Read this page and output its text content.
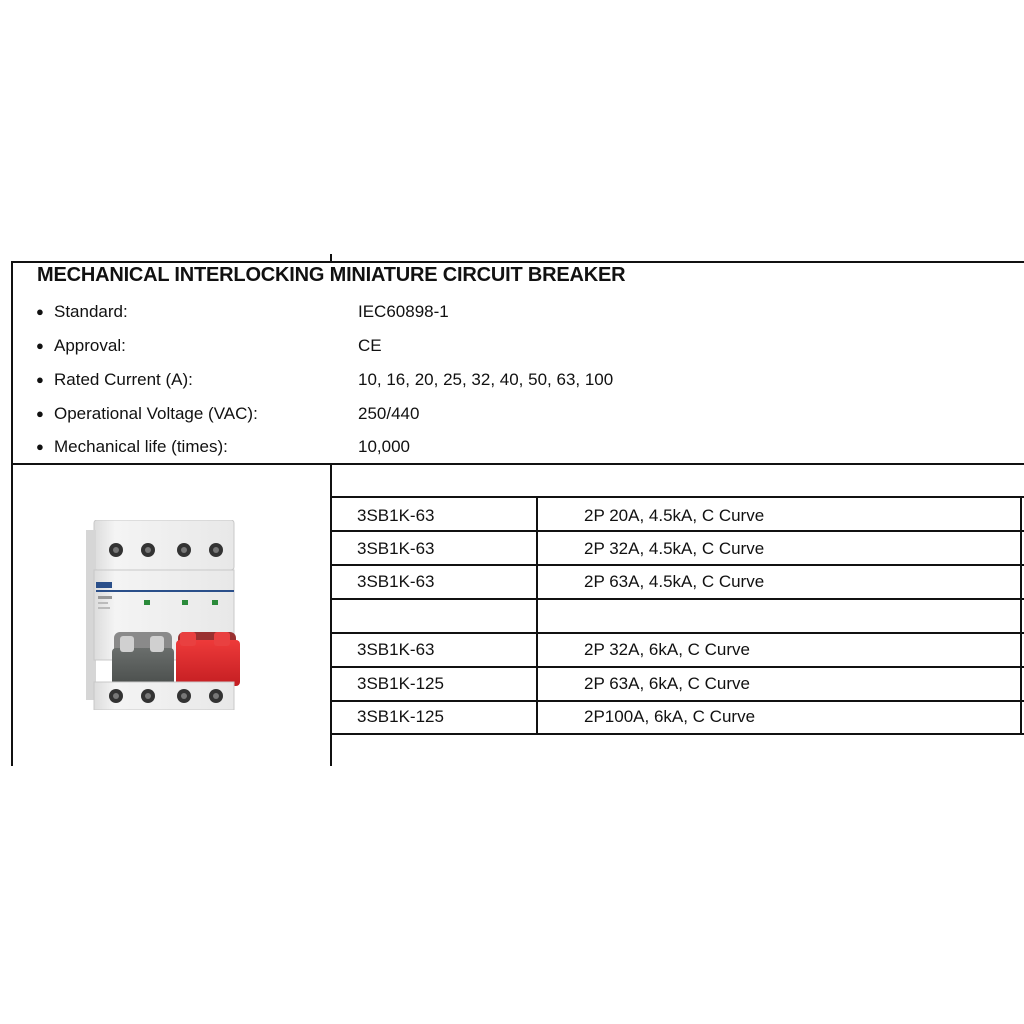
MECHANICAL INTERLOCKING MINIATURE CIRCUIT BREAKER
● Standard:	IEC60898-1
● Approval:	CE
● Rated Current (A):	10, 16, 20, 25, 32, 40, 50, 63, 100
● Operational Voltage (VAC):	250/440
● Mechanical life (times):	10,000
3SB1K-63	2P 20A, 4.5kA, C Curve
3SB1K-63	2P 32A, 4.5kA, C Curve
3SB1K-63	2P 63A, 4.5kA, C Curve
3SB1K-63	2P 32A, 6kA, C Curve
3SB1K-125	2P 63A, 6kA, C Curve
3SB1K-125	2P100A, 6kA, C Curve
